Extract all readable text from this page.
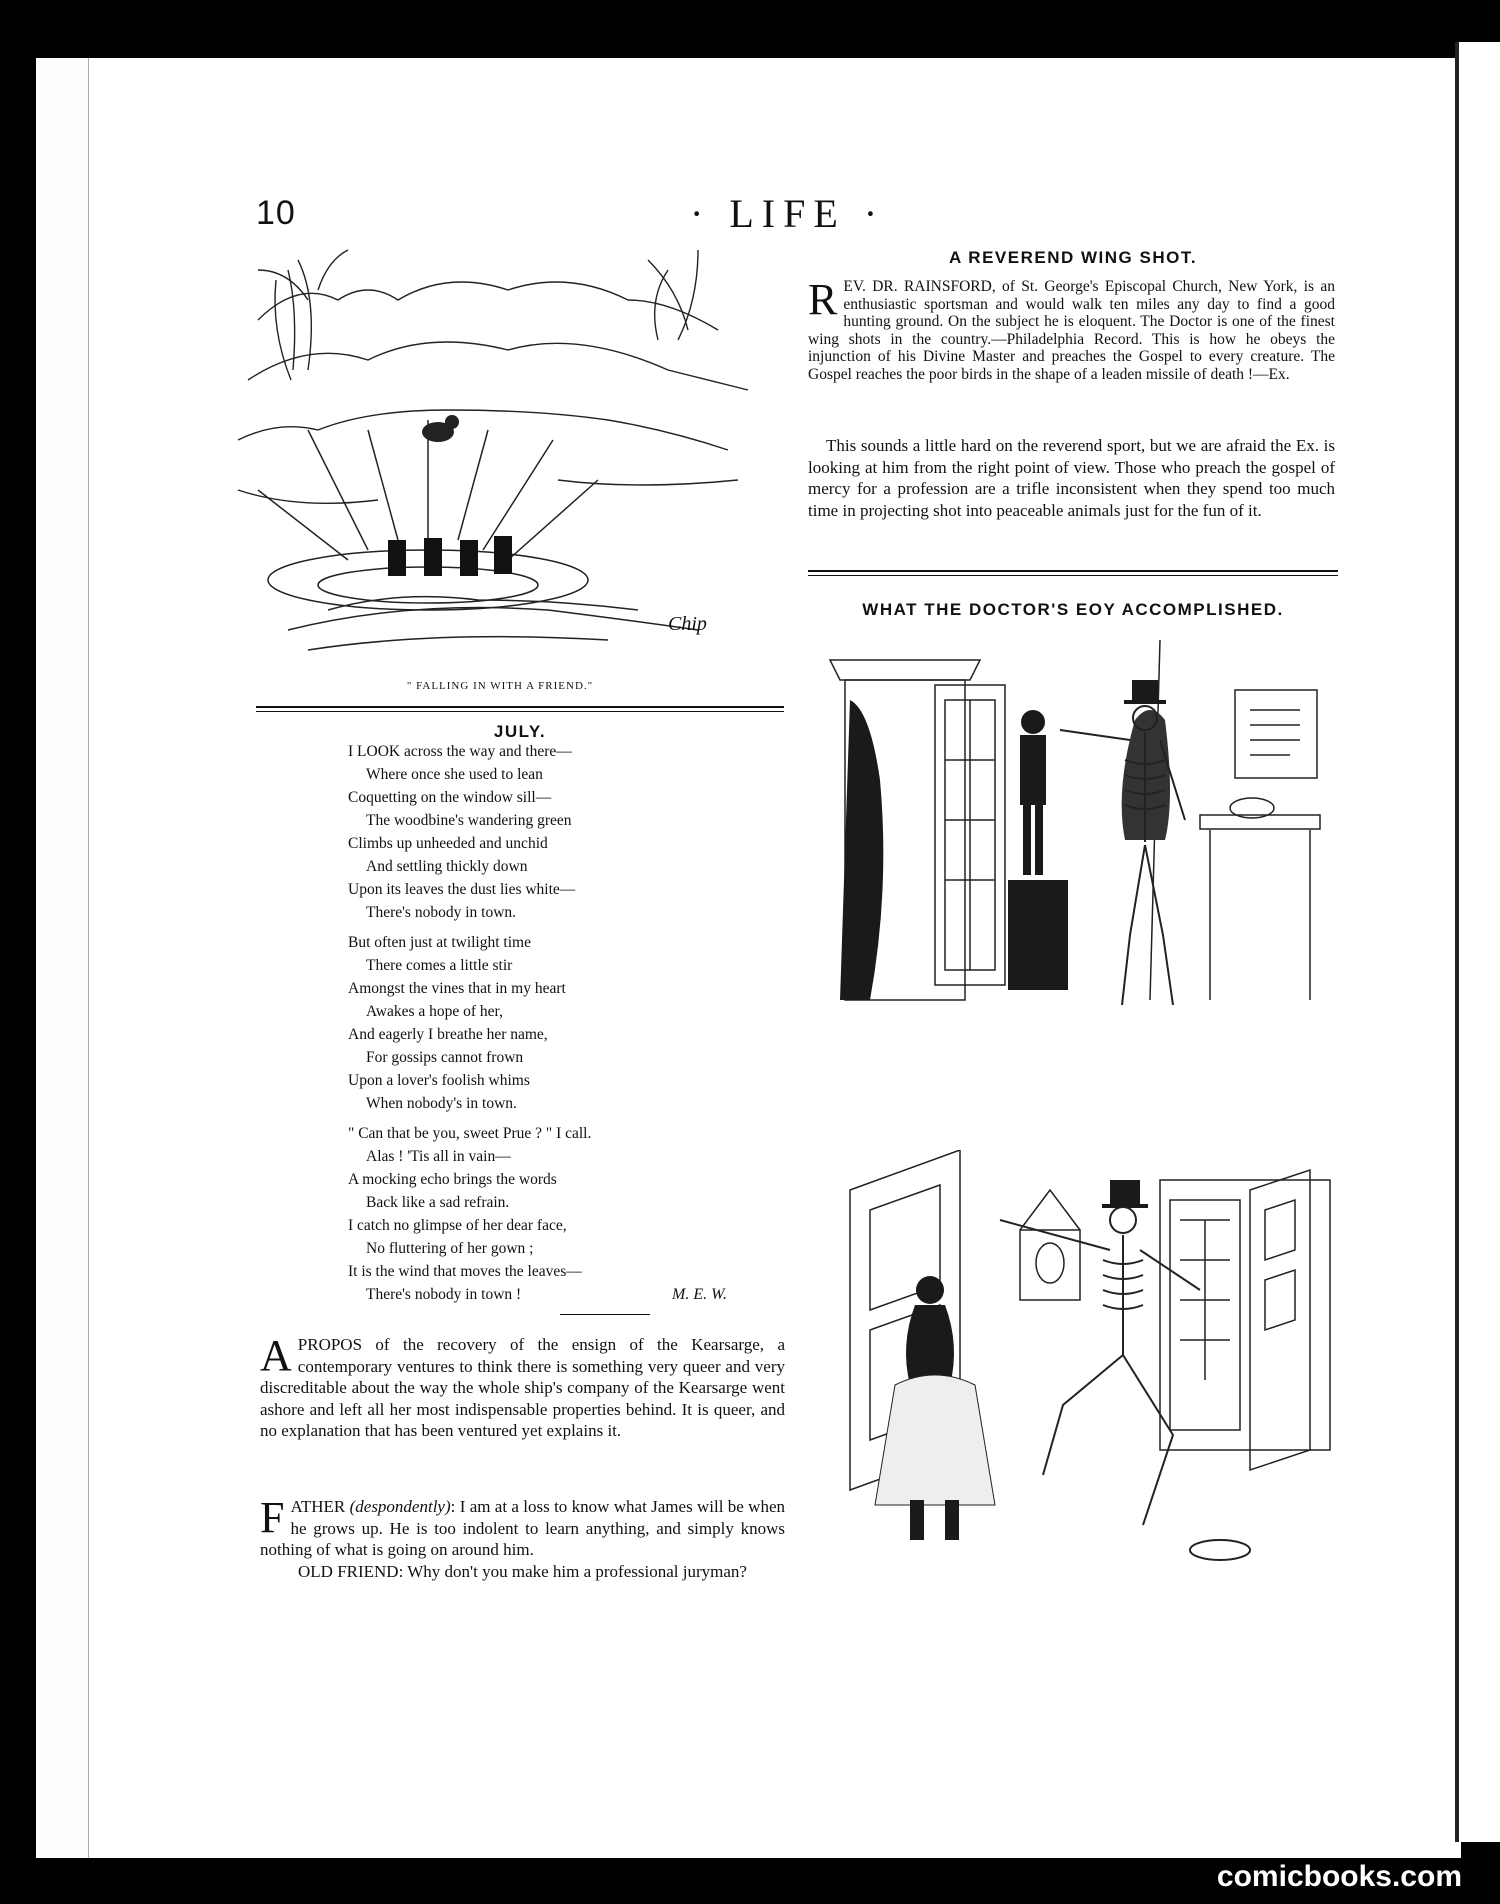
10	· LIFE ·
Chip
" FALLING IN WITH A FRIEND."
JULY.
I LOOK across the way and there—
Where once she used to lean
Coquetting on the window sill—
The woodbine's wandering green
Climbs up unheeded and unchid
And settling thickly down
Upon its leaves the dust lies white—
There's nobody in town.
But often just at twilight time
There comes a little stir
Amongst the vines that in my heart
Awakes a hope of her,
And eagerly I breathe her name,
For gossips cannot frown
Upon a lover's foolish whims
When nobody's in town.
" Can that be you, sweet Prue ? " I call.
Alas ! 'Tis all in vain—
A mocking echo brings the words
Back like a sad refrain.
I catch no glimpse of her dear face,
No fluttering of her gown ;
It is the wind that moves the leaves—
There's nobody in town !	M. E. W.
APROPOS of the recovery of the ensign of the Kearsarge, a contemporary ventures to think there is something very queer and very discreditable about the way the whole ship's company of the Kearsarge went ashore and left all her most indispensable properties behind. It is queer, and no explanation that has been ventured yet explains it.
FATHER (despondently): I am at a loss to know what James will be when he grows up. He is too indolent to learn anything, and simply knows nothing of what is going on around him.
OLD FRIEND: Why don't you make him a professional juryman?
A REVEREND WING SHOT.
REV. DR. RAINSFORD, of St. George's Episcopal Church, New York, is an enthusiastic sportsman and would walk ten miles any day to find a good hunting ground. On the subject he is eloquent. The Doctor is one of the finest wing shots in the country.—Philadelphia Record. This is how he obeys the injunction of his Divine Master and preaches the Gospel to every creature. The Gospel reaches the poor birds in the shape of a leaden missile of death !—Ex.
This sounds a little hard on the reverend sport, but we are afraid the Ex. is looking at him from the right point of view. Those who preach the gospel of mercy for a profession are a trifle inconsistent when they spend too much time in projecting shot into peaceable animals just for the fun of it.
WHAT THE DOCTOR'S EOY ACCOMPLISHED.
comicbooks.com
